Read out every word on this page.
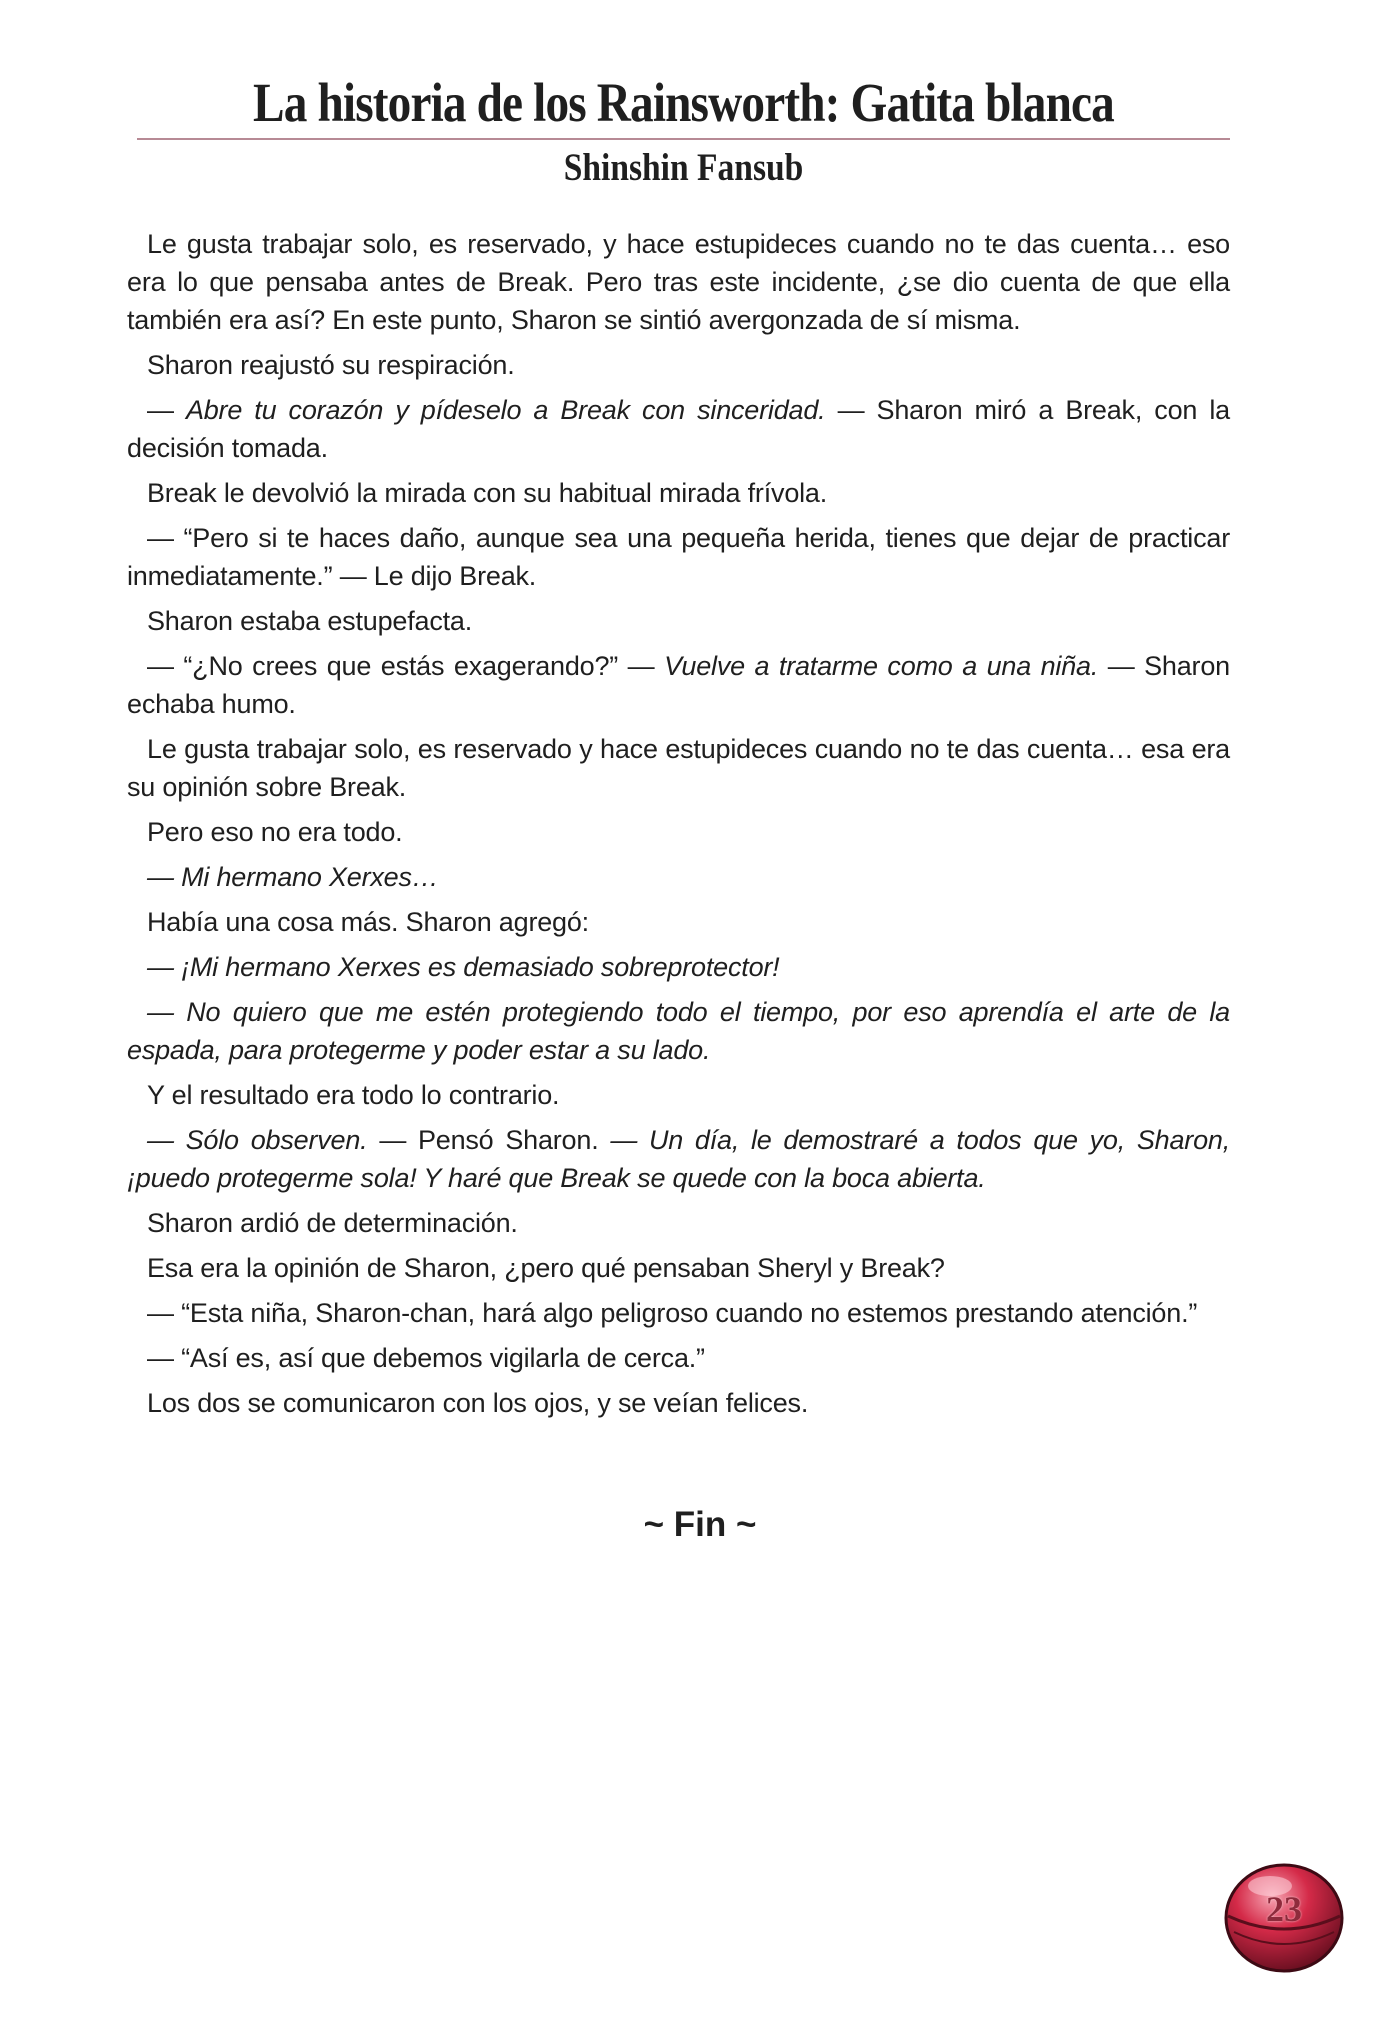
La historia de los Rainsworth: Gatita blanca
Shinshin Fansub

Le gusta trabajar solo, es reservado, y hace estupideces cuando no te das cuenta… eso era lo que pensaba antes de Break. Pero tras este incidente, ¿se dio cuenta de que ella también era así? En este punto, Sharon se sintió avergonzada de sí misma.

Sharon reajustó su respiración.

— Abre tu corazón y pídeselo a Break con sinceridad. — Sharon miró a Break, con la decisión tomada.

Break le devolvió la mirada con su habitual mirada frívola.

— “Pero si te haces daño, aunque sea una pequeña herida, tienes que dejar de practicar inmediatamente.” — Le dijo Break.

Sharon estaba estupefacta.

— “¿No crees que estás exagerando?” — Vuelve a tratarme como a una niña. — Sharon echaba humo.

Le gusta trabajar solo, es reservado y hace estupideces cuando no te das cuenta… esa era su opinión sobre Break.

Pero eso no era todo.

— Mi hermano Xerxes…

Había una cosa más. Sharon agregó:

— ¡Mi hermano Xerxes es demasiado sobreprotector!

— No quiero que me estén protegiendo todo el tiempo, por eso aprendía el arte de la espada, para protegerme y poder estar a su lado.

Y el resultado era todo lo contrario.

— Sólo observen. — Pensó Sharon. — Un día, le demostraré a todos que yo, Sharon, ¡puedo protegerme sola! Y haré que Break se quede con la boca abierta.

Sharon ardió de determinación.

Esa era la opinión de Sharon, ¿pero qué pensaban Sheryl y Break?

— “Esta niña, Sharon-chan, hará algo peligroso cuando no estemos prestando atención.”

— “Así es, así que debemos vigilarla de cerca.”

Los dos se comunicaron con los ojos, y se veían felices.

~ Fin ~

23
